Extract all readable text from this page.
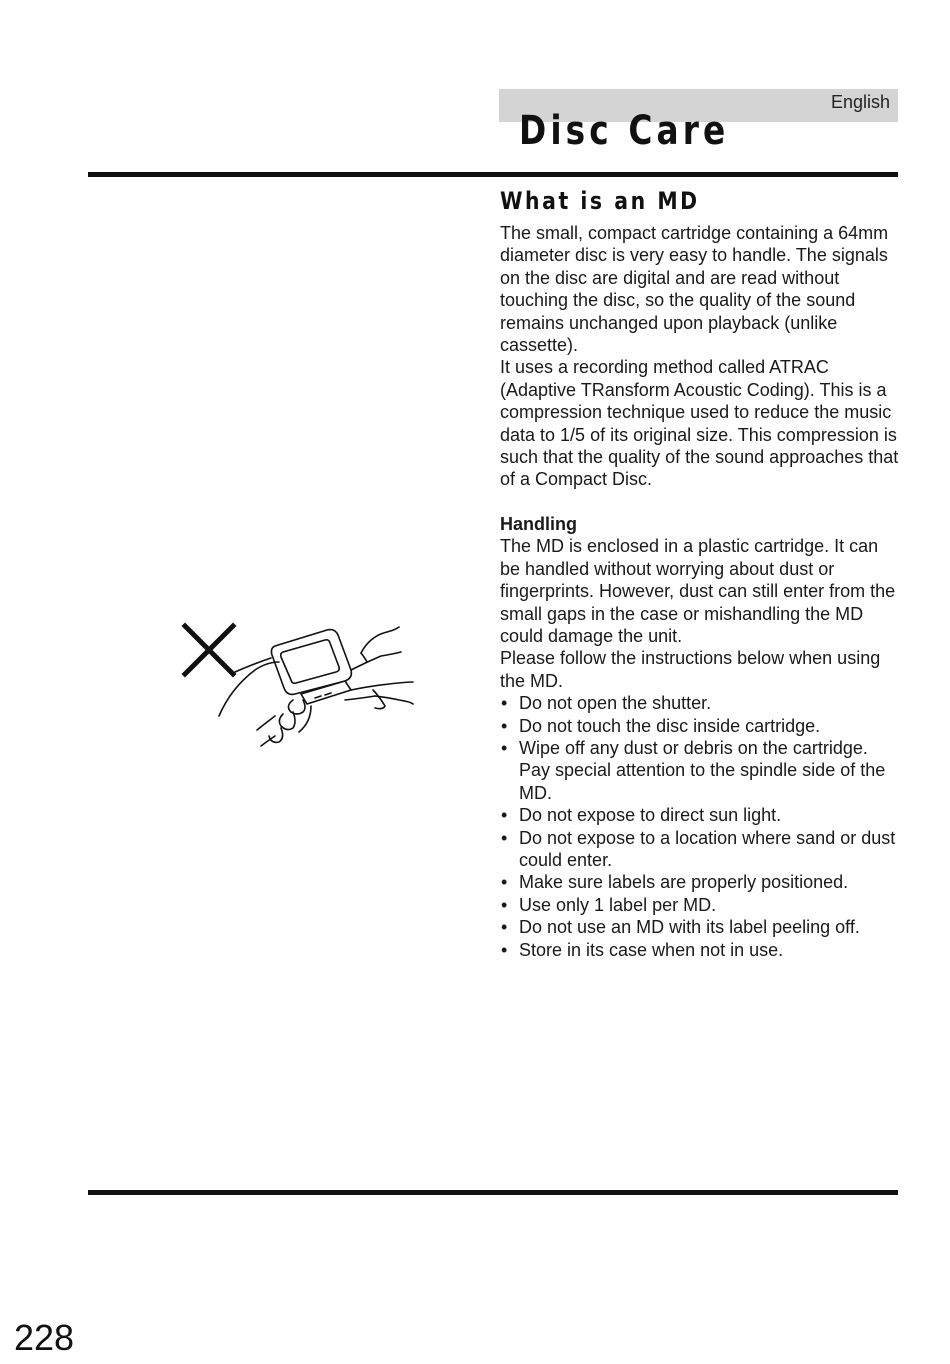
English
Disc Care
What is an MD

The small, compact cartridge containing a 64mm diameter disc is very easy to handle. The signals on the disc are digital and are read without touching the disc, so the quality of the sound remains unchanged upon playback (unlike cassette).

It uses a recording method called ATRAC (Adaptive TRansform Acoustic Coding). This is a compression technique used to reduce the music data to 1/5 of its original size. This compression is such that the quality of the sound approaches that of a Compact Disc.

Handling

The MD is enclosed in a plastic cartridge. It can be handled without worrying about dust or fingerprints. However, dust can still enter from the small gaps in the case or mishandling the MD could damage the unit.

Please follow the instructions below when using the MD.

• Do not open the shutter.
• Do not touch the disc inside cartridge.
• Wipe off any dust or debris on the cartridge. Pay special attention to the spindle side of the MD.
• Do not expose to direct sun light.
• Do not expose to a location where sand or dust could enter.
• Make sure labels are properly positioned.
• Use only 1 label per MD.
• Do not use an MD with its label peeling off.
• Store in its case when not in use.
228
